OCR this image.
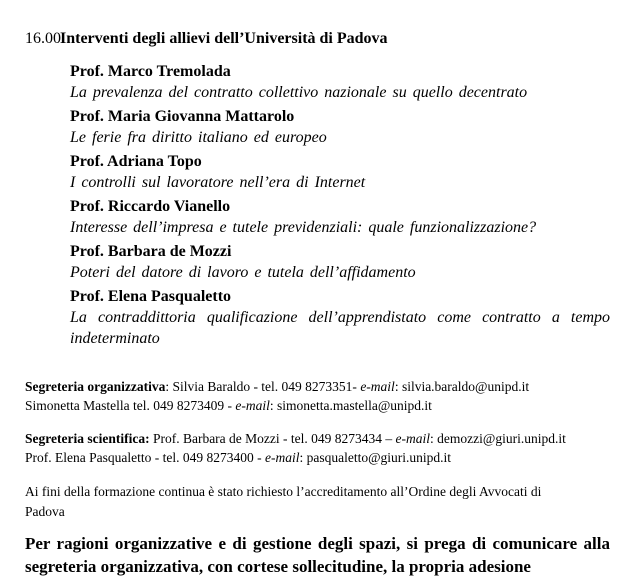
16.00Interventi degli allievi dell’Università di Padova
Prof. Marco Tremolada
La prevalenza del contratto collettivo nazionale su quello decentrato
Prof. Maria Giovanna Mattarolo
Le ferie fra diritto italiano ed europeo
Prof. Adriana Topo
I controlli sul lavoratore nell’era di Internet
Prof. Riccardo Vianello
Interesse dell’impresa e tutele previdenziali: quale funzionalizzazione?
Prof. Barbara de Mozzi
Poteri del datore di lavoro e tutela dell’affidamento
Prof. Elena Pasqualetto
La contraddittoria qualificazione dell’apprendistato come contratto a tempo
indeterminato
Segreteria organizzativa: Silvia Baraldo - tel. 049 8273351- e-mail: silvia.baraldo@unipd.it
Simonetta Mastella tel. 049 8273409 - e-mail: simonetta.mastella@unipd.it
Segreteria scientifica: Prof. Barbara de Mozzi - tel. 049 8273434 – e-mail: demozzi@giuri.unipd.it
Prof. Elena Pasqualetto - tel. 049 8273400 - e-mail: pasqualetto@giuri.unipd.it
Ai fini della formazione continua è stato richiesto l’accreditamento all’Ordine degli Avvocati di
Padova
Per ragioni organizzative e di gestione degli spazi, si prega di comunicare alla
segreteria organizzativa, con cortese sollecitudine, la propria adesione
